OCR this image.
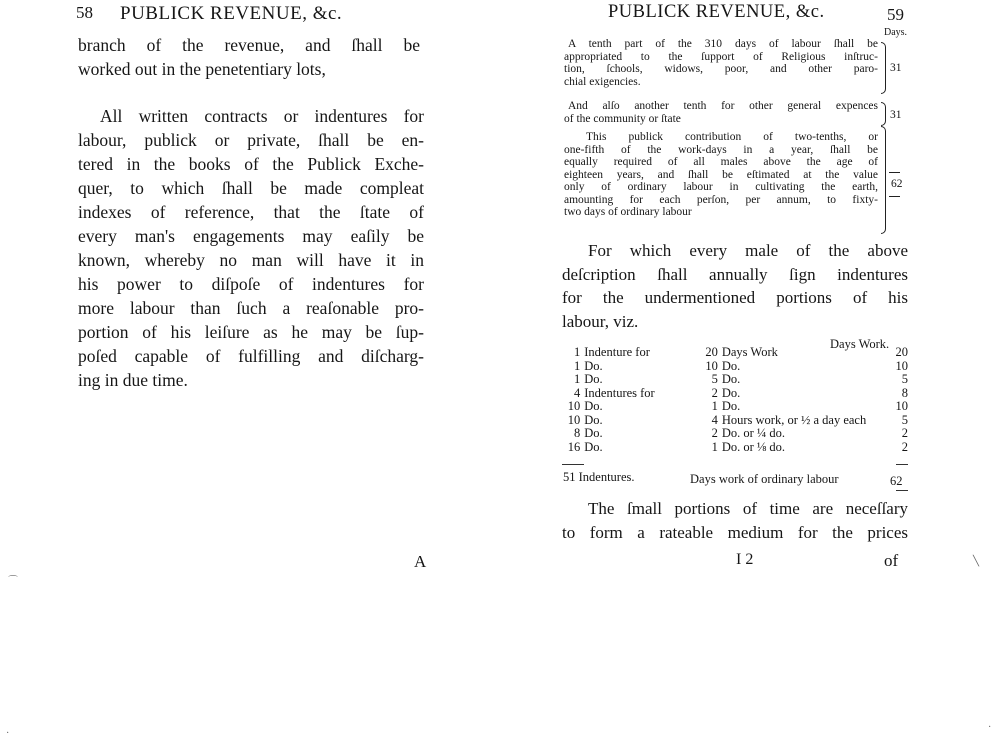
58 PUBLICK REVENUE, &c.
branch of the revenue, and ſhall be
worked out in the penetentiary lots,
All written contracts or indentures for
labour, publick or private, ſhall be en-
tered in the books of the Publick Exche-
quer, to which ſhall be made compleat
indexes of reference, that the ſtate of
every man's engagements may eaſily be
known, whereby no man will have it in
his power to diſpoſe of indentures for
more labour than ſuch a reaſonable pro-
portion of his leiſure as he may be ſup-
poſed capable of fulfilling and diſcharg-
ing in due time.
A
⌒
·
PUBLICK REVENUE, &c.	59
Days.
A tenth part of the 310 days of labour ſhall be
appropriated to the ſupport of Religious inſtruc-
tion, ſchools, widows, poor, and other paro-
chial exigencies.
31
And alſo another tenth for other general expences
of the community or ſtate	31
This publick contribution of two-tenths, or
one-fifth of the work-days in a year, ſhall be
equally required of all males above the age of
eighteen years, and ſhall be eſtimated at the value
only of ordinary labour in cultivating the earth,
amounting for each perſon, per annum, to fixty-
two days of ordinary labour
62
For which every male of the above
deſcription ſhall annually ſign indentures
for the undermentioned portions of his
labour, viz.
Days Work.
1	Indenture for	20	Days Work	20
1	Do.	10	Do.	10
1	Do.	5	Do.	5
4	Indentures for	2	Do.	8
10	Do.	1	Do.	10
10	Do.	4	Hours work, or ½ a day each	5
8	Do.	2	Do. or ¼ do.	2
16	Do.	1	Do. or ⅛ do.	2
51 Indentures.	Days work of ordinary labour	62
The ſmall portions of time are neceſſary
to form a rateable medium for the prices
I 2	of	╲
·
